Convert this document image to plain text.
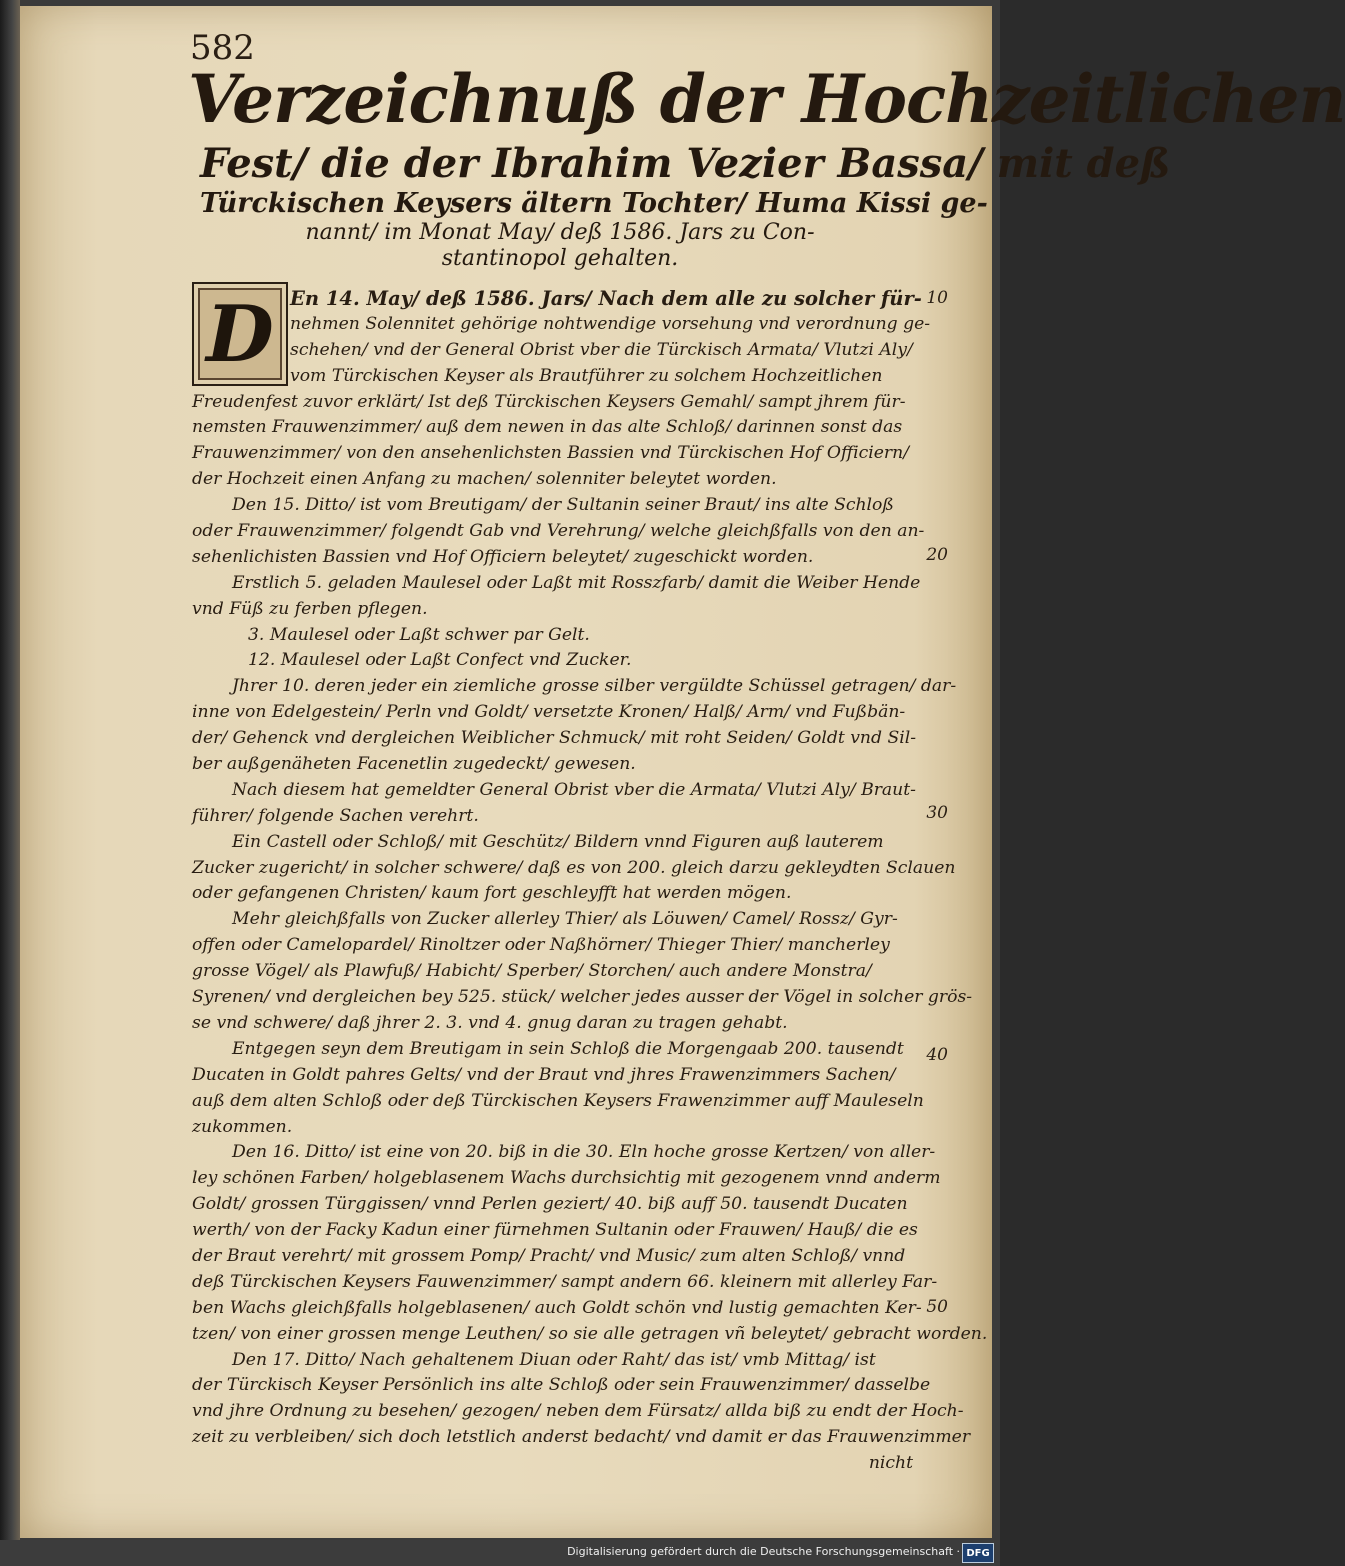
582
Verzeichnuß der Hochzeitlichen
Fest/ die der Ibrahim Vezier Bassa/ mit deß
Türckischen Keysers ältern Tochter/ Huma Kissi ge-
nannt/ im Monat May/ deß 1586. Jars zu Con-
stantinopol gehalten.
D En 14. May/ deß 1586. Jars/ Nach dem alle zu solcher für-
nehmen Solennitet gehörige nohtwendige vorsehung vnd verordnung ge-
schehen/ vnd der General Obrist vber die Türckisch Armata/ Vlutzi Aly/
vom Türckischen Keyser als Brautführer zu solchem Hochzeitlichen
Freudenfest zuvor erklärt/ Ist deß Türckischen Keysers Gemahl/ sampt jhrem für-
nemsten Frauwenzimmer/ auß dem newen in das alte Schloß/ darinnen sonst das
Frauwenzimmer/ von den ansehenlichsten Bassien vnd Türckischen Hof Officiern/
der Hochzeit einen Anfang zu machen/ solenniter beleytet worden.
Den 15. Ditto/ ist vom Breutigam/ der Sultanin seiner Braut/ ins alte Schloß
oder Frauwenzimmer/ folgendt Gab vnd Verehrung/ welche gleichßfalls von den an-
sehenlichisten Bassien vnd Hof Officiern beleytet/ zugeschickt worden.
Erstlich 5. geladen Maulesel oder Laßt mit Rosszfarb/ damit die Weiber Hende
vnd Füß zu ferben pflegen.
3. Maulesel oder Laßt schwer par Gelt.
12. Maulesel oder Laßt Confect vnd Zucker.
Jhrer 10. deren jeder ein ziemliche grosse silber vergüldte Schüssel getragen/ dar-
inne von Edelgestein/ Perln vnd Goldt/ versetzte Kronen/ Halß/ Arm/ vnd Fußbän-
der/ Gehenck vnd dergleichen Weiblicher Schmuck/ mit roht Seiden/ Goldt vnd Sil-
ber außgenäheten Facenetlin zugedeckt/ gewesen.
Nach diesem hat gemeldter General Obrist vber die Armata/ Vlutzi Aly/ Braut-
führer/ folgende Sachen verehrt.
Ein Castell oder Schloß/ mit Geschütz/ Bildern vnnd Figuren auß lauterem
Zucker zugericht/ in solcher schwere/ daß es von 200. gleich darzu gekleydten Sclauen
oder gefangenen Christen/ kaum fort geschleyfft hat werden mögen.
Mehr gleichßfalls von Zucker allerley Thier/ als Löuwen/ Camel/ Rossz/ Gyr-
offen oder Camelopardel/ Rinoltzer oder Naßhörner/ Thieger Thier/ mancherley
grosse Vögel/ als Plawfuß/ Habicht/ Sperber/ Storchen/ auch andere Monstra/
Syrenen/ vnd dergleichen bey 525. stück/ welcher jedes ausser der Vögel in solcher grös-
se vnd schwere/ daß jhrer 2. 3. vnd 4. gnug daran zu tragen gehabt.
Entgegen seyn dem Breutigam in sein Schloß die Morgengaab 200. tausendt
Ducaten in Goldt pahres Gelts/ vnd der Braut vnd jhres Frawenzimmers Sachen/
auß dem alten Schloß oder deß Türckischen Keysers Frawenzimmer auff Mauleseln
zukommen.
Den 16. Ditto/ ist eine von 20. biß in die 30. Eln hoche grosse Kertzen/ von aller-
ley schönen Farben/ holgeblasenem Wachs durchsichtig mit gezogenem vnnd anderm
Goldt/ grossen Türggissen/ vnnd Perlen geziert/ 40. biß auff 50. tausendt Ducaten
werth/ von der Facky Kadun einer fürnehmen Sultanin oder Frauwen/ Hauß/ die es
der Braut verehrt/ mit grossem Pomp/ Pracht/ vnd Music/ zum alten Schloß/ vnnd
deß Türckischen Keysers Fauwenzimmer/ sampt andern 66. kleinern mit allerley Far-
ben Wachs gleichßfalls holgeblasenen/ auch Goldt schön vnd lustig gemachten Ker-
tzen/ von einer grossen menge Leuthen/ so sie alle getragen vñ beleytet/ gebracht worden.
Den 17. Ditto/ Nach gehaltenem Diuan oder Raht/ das ist/ vmb Mittag/ ist
der Türckisch Keyser Persönlich ins alte Schloß oder sein Frauwenzimmer/ dasselbe
vnd jhre Ordnung zu besehen/ gezogen/ neben dem Fürsatz/ allda biß zu endt der Hoch-
zeit zu verbleiben/ sich doch letstlich anderst bedacht/ vnd damit er das Frauwenzimmer
nicht
10
20
30
40
50
Digitalisierung gefördert durch die Deutsche Forschungsgemeinschaft · DFG
